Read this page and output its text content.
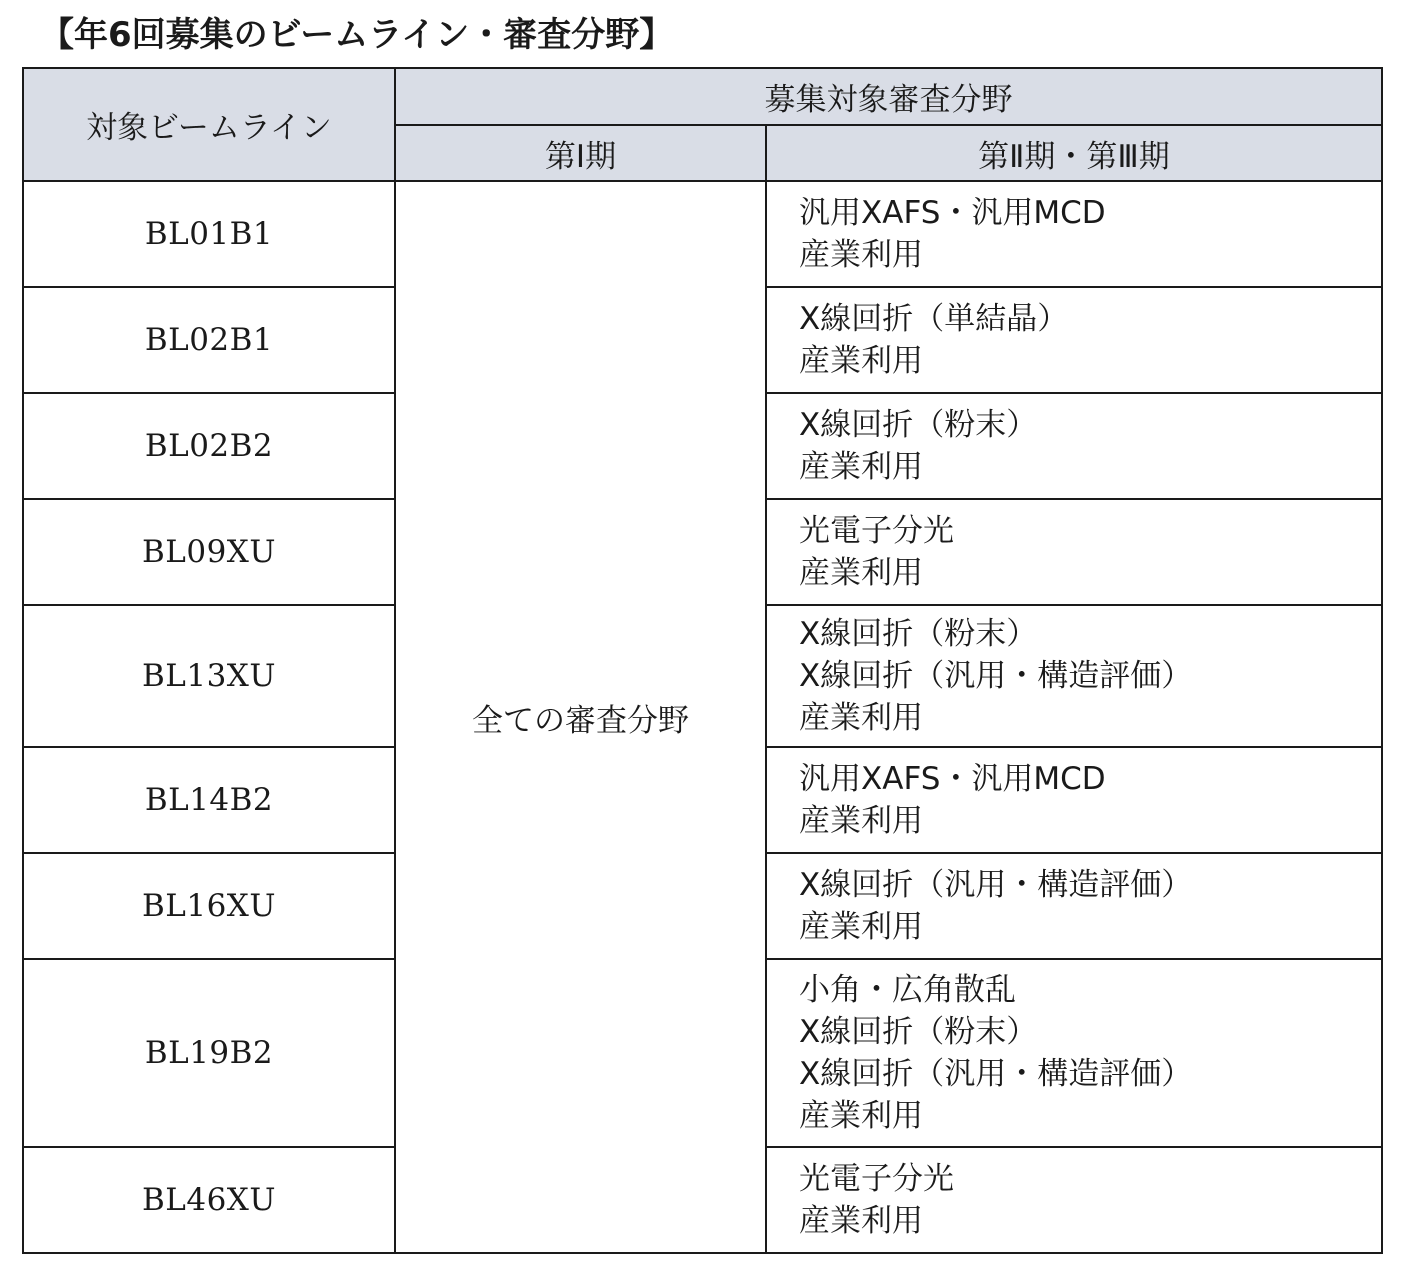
【年6回募集のビームライン・審査分野】
対象ビームライン	募集対象審査分野	
	第Ⅰ期	第Ⅱ期・第Ⅲ期
BL01B1	全ての審査分野	汎用XAFS・汎用MCD
産業利用

BL02B1		X線回折（単結晶）
産業利用

BL02B2		X線回折（粉末）
産業利用

BL09XU		光電子分光
産業利用

BL13XU		X線回折（粉末）
X線回折（汎用・構造評価）
産業利用

BL14B2		汎用XAFS・汎用MCD
産業利用

BL16XU		X線回折（汎用・構造評価）
産業利用

BL19B2		小角・広角散乱
X線回折（粉末）
X線回折（汎用・構造評価）
産業利用

BL46XU		光電子分光
産業利用
